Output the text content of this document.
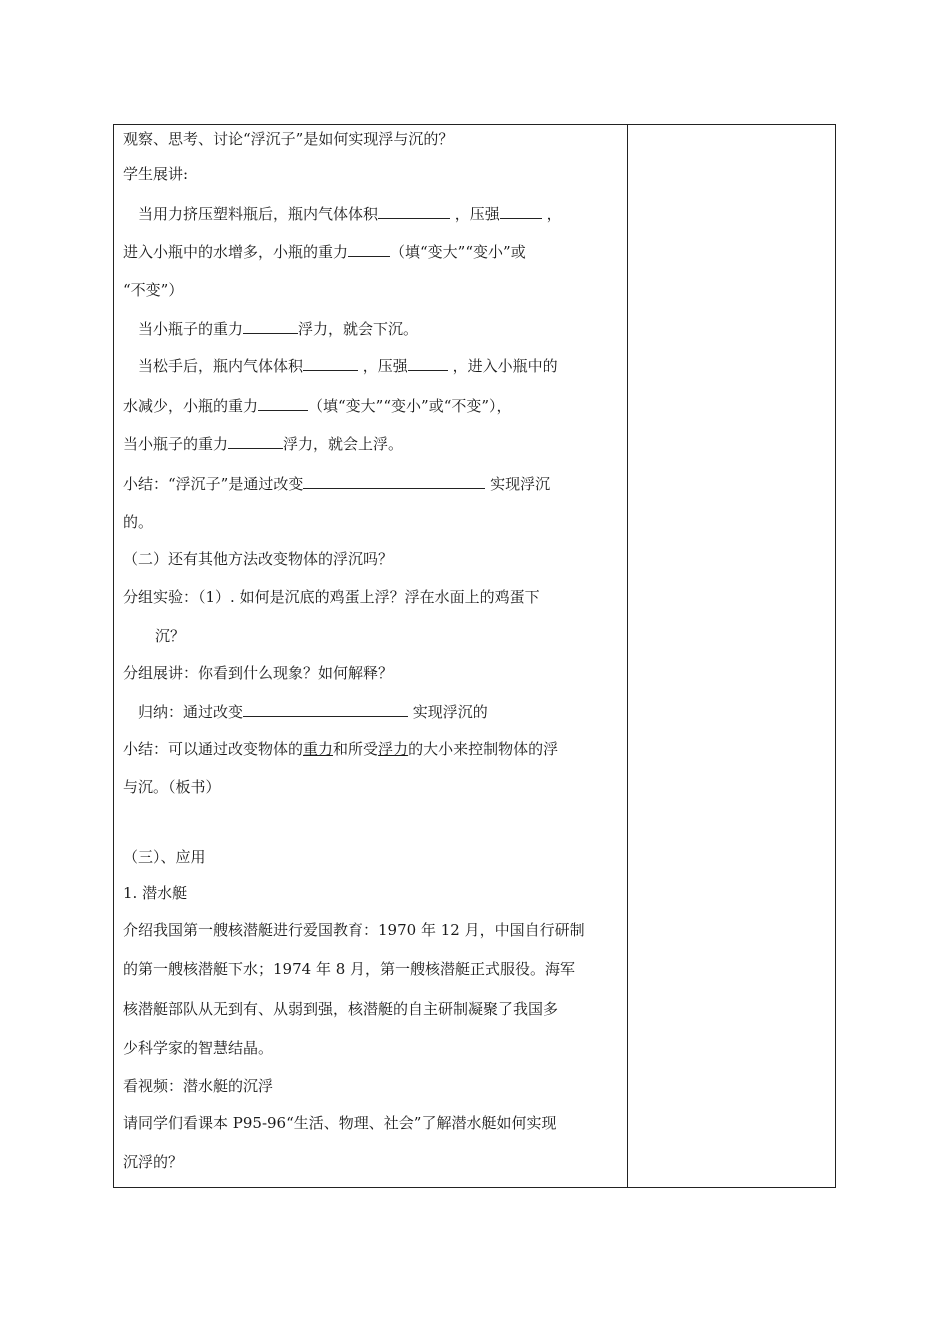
观察、思考、讨论“浮沉子”是如何实现浮与沉的？
学生展讲:
当用力挤压塑料瓶后，瓶内气体体积	，压强	，
进入小瓶中的水增多，小瓶的重力	（填“变大”“变小”或
“不变”）
当小瓶子的重力	浮力，就会下沉。
当松手后，瓶内气体体积	，压强	，进入小瓶中的
水减少，小瓶的重力	（填“变大”“变小”或“不变”），
当小瓶子的重力	浮力，就会上浮。
小结：“浮沉子”是通过改变	实现浮沉
的。
（二）还有其他方法改变物体的浮沉吗？
分组实验：（1）. 如何是沉底的鸡蛋上浮？浮在水面上的鸡蛋下
沉？
分组展讲：你看到什么现象？如何解释？
归纳：通过改变	实现浮沉的
小结：可以通过改变物体的重力和所受浮力的大小来控制物体的浮
与沉。（板书）
（三）、应用
1. 潜水艇
介绍我国第一艘核潜艇进行爱国教育：1970 年 12 月，中国自行研制
的第一艘核潜艇下水；1974 年 8 月，第一艘核潜艇正式服役。海军
核潜艇部队从无到有、从弱到强，核潜艇的自主研制凝聚了我国多
少科学家的智慧结晶。
看视频：潜水艇的沉浮
请同学们看课本 P95-96“生活、物理、社会”了解潜水艇如何实现
沉浮的？
